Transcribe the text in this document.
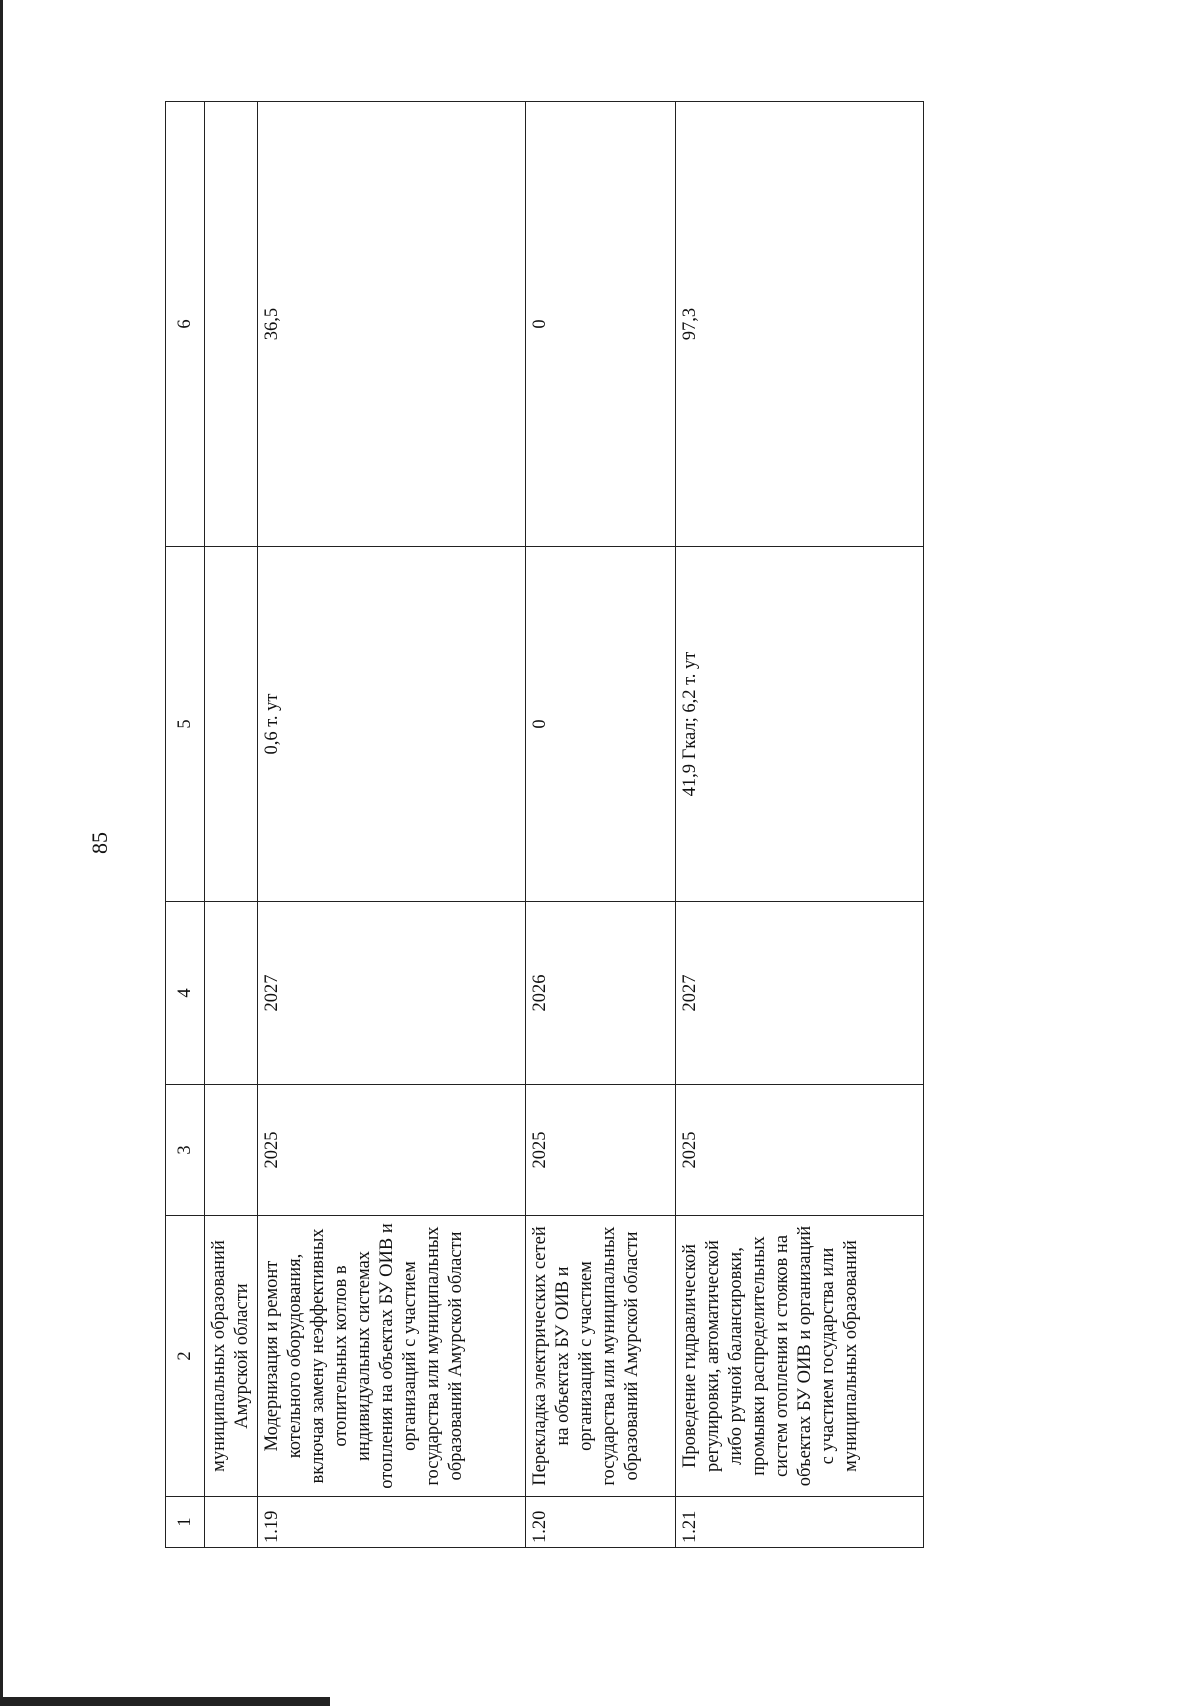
85
1	2	3	4	5	6	
	муниципальных образований Амурской области					
1.19	Модернизация и ремонт котельного оборудования, включая замену неэффективных отопительных котлов в индивидуальных системах отопления на объектах БУ ОИВ и организаций с участием государства или муниципальных образований Амурской области	2025	2027	0,6 т. ут	36,5	
1.20	Перекладка электрических сетей на объектах БУ ОИВ и организаций с участием государства или муниципальных образований Амурской области	2025	2026	0	0	
1.21	Проведение гидравлической регулировки, автоматической либо ручной балансировки, промывки распределительных систем отопления и стояков на объектах БУ ОИВ и организаций с участием государства или муниципальных образований	2025	2027	41,9 Гкал; 6,2 т. ут	97,3	
